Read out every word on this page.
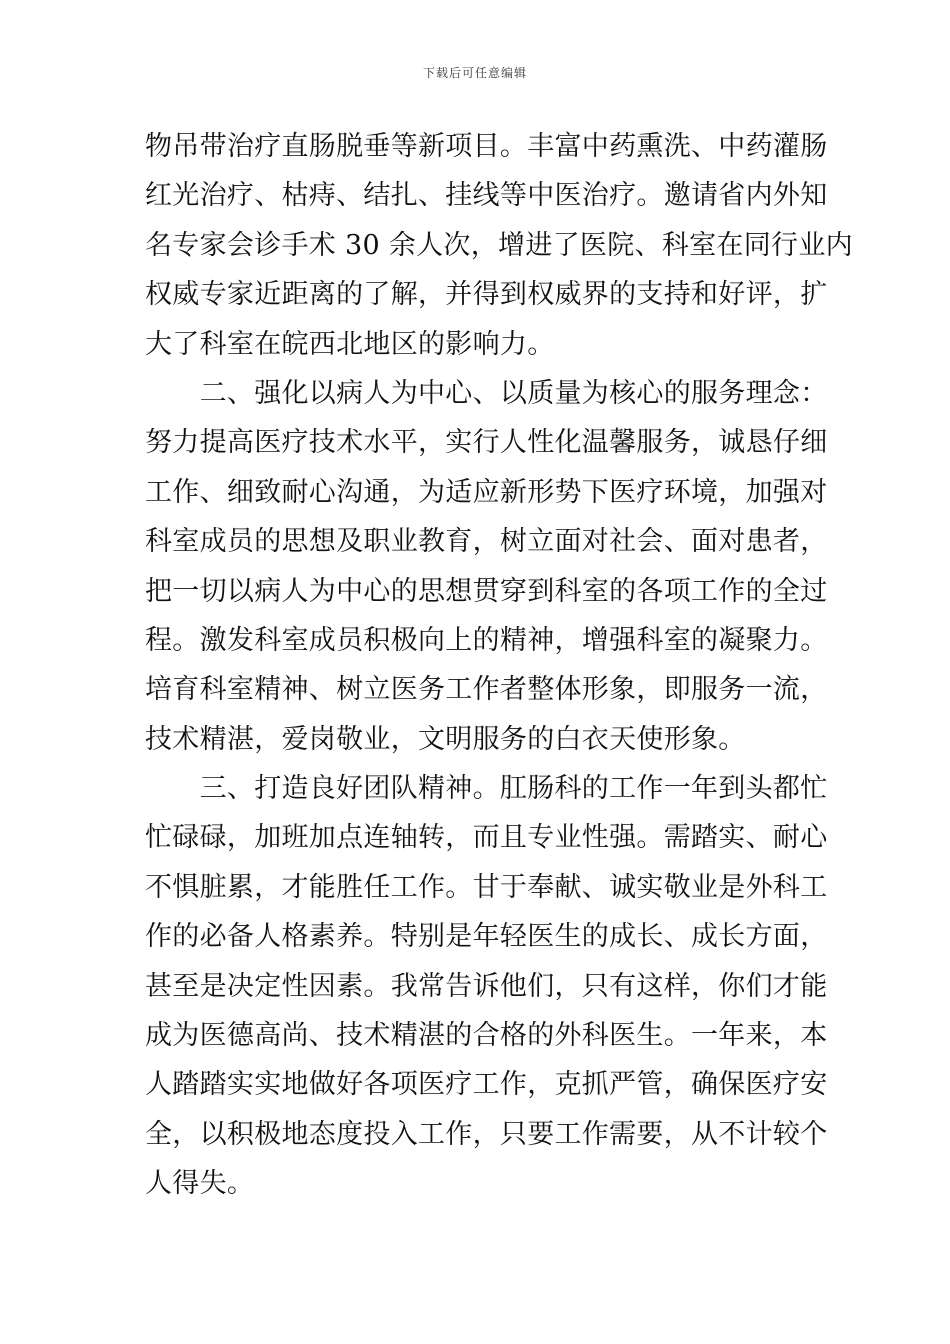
下载后可任意编辑
物吊带治疗直肠脱垂等新项目。丰富中药熏洗、中药灌肠
红光治疗、枯痔、结扎、挂线等中医治疗。邀请省内外知
名专家会诊手术 30 余人次，增进了医院、科室在同行业内
权威专家近距离的了解，并得到权威界的支持和好评，扩
大了科室在皖西北地区的影响力。
　　二、强化以病人为中心、以质量为核心的服务理念：
努力提高医疗技术水平，实行人性化温馨服务，诚恳仔细
工作、细致耐心沟通，为适应新形势下医疗环境，加强对
科室成员的思想及职业教育，树立面对社会、面对患者，
把一切以病人为中心的思想贯穿到科室的各项工作的全过
程。激发科室成员积极向上的精神，增强科室的凝聚力。
培育科室精神、树立医务工作者整体形象，即服务一流，
技术精湛，爱岗敬业，文明服务的白衣天使形象。
　　三、打造良好团队精神。肛肠科的工作一年到头都忙
忙碌碌，加班加点连轴转，而且专业性强。需踏实、耐心
不惧脏累，才能胜任工作。甘于奉献、诚实敬业是外科工
作的必备人格素养。特别是年轻医生的成长、成长方面，
甚至是决定性因素。我常告诉他们，只有这样，你们才能
成为医德高尚、技术精湛的合格的外科医生。一年来，本
人踏踏实实地做好各项医疗工作，克抓严管，确保医疗安
全，以积极地态度投入工作，只要工作需要，从不计较个
人得失。
